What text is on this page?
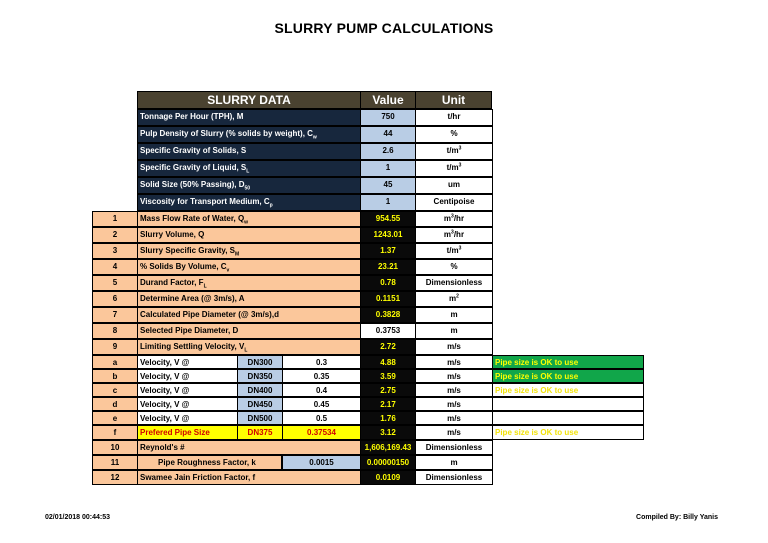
SLURRY PUMP CALCULATIONS
SLURRY DATA	Value	Unit
Tonnage Per Hour (TPH), M	750	t/hr
Pulp Density of Slurry (% solids by weight), $C_w$	44	%
Specific Gravity of Solids, S	2.6	$t/m^3$
Specific Gravity of Liquid, $S_L$	1	$t/m^3$
Solid Size (50% Passing), $D_{50}$	45	um
Viscosity for Transport Medium, $C_p$	1	Centipoise
1	Mass Flow Rate of Water, $Q_w$	954.55	$m^3/hr$
2	Slurry Volume, Q	1243.01	$m^3/hr$
3	Slurry Specific Gravity, $S_M$	1.37	$t/m^3$
4	% Solids By Volume, $C_v$	23.21	%
5	Durand Factor, $F_L$	0.78	Dimensionless
6	Determine Area (@ 3m/s), A	0.1151	$m^2$
7	Calculated Pipe Diameter (@ 3m/s),d	0.3828	m
8	Selected Pipe Diameter, D	0.3753	m
9	Limiting Settling Velocity, $V_L$	2.72	m/s
a	Velocity, V @	DN300	0.3	4.88	m/s	Pipe size is OK to use
b	Velocity, V @	DN350	0.35	3.59	m/s	Pipe size is OK to use
c	Velocity, V @	DN400	0.4	2.75	m/s	Pipe size is OK to use
d	Velocity, V @	DN450	0.45	2.17	m/s
e	Velocity, V @	DN500	0.5	1.76	m/s
f	Prefered Pipe Size	DN375	0.37534	3.12	m/s	Pipe size is OK to use
10	Reynold's #	1,606,169.43	Dimensionless
11	Pipe Roughness Factor, k	0.0015	0.00000150	m
12	Swamee Jain Friction Factor, f	0.0109	Dimensionless
02/01/2018 00:44:53	Compiled By: Billy Yanis
